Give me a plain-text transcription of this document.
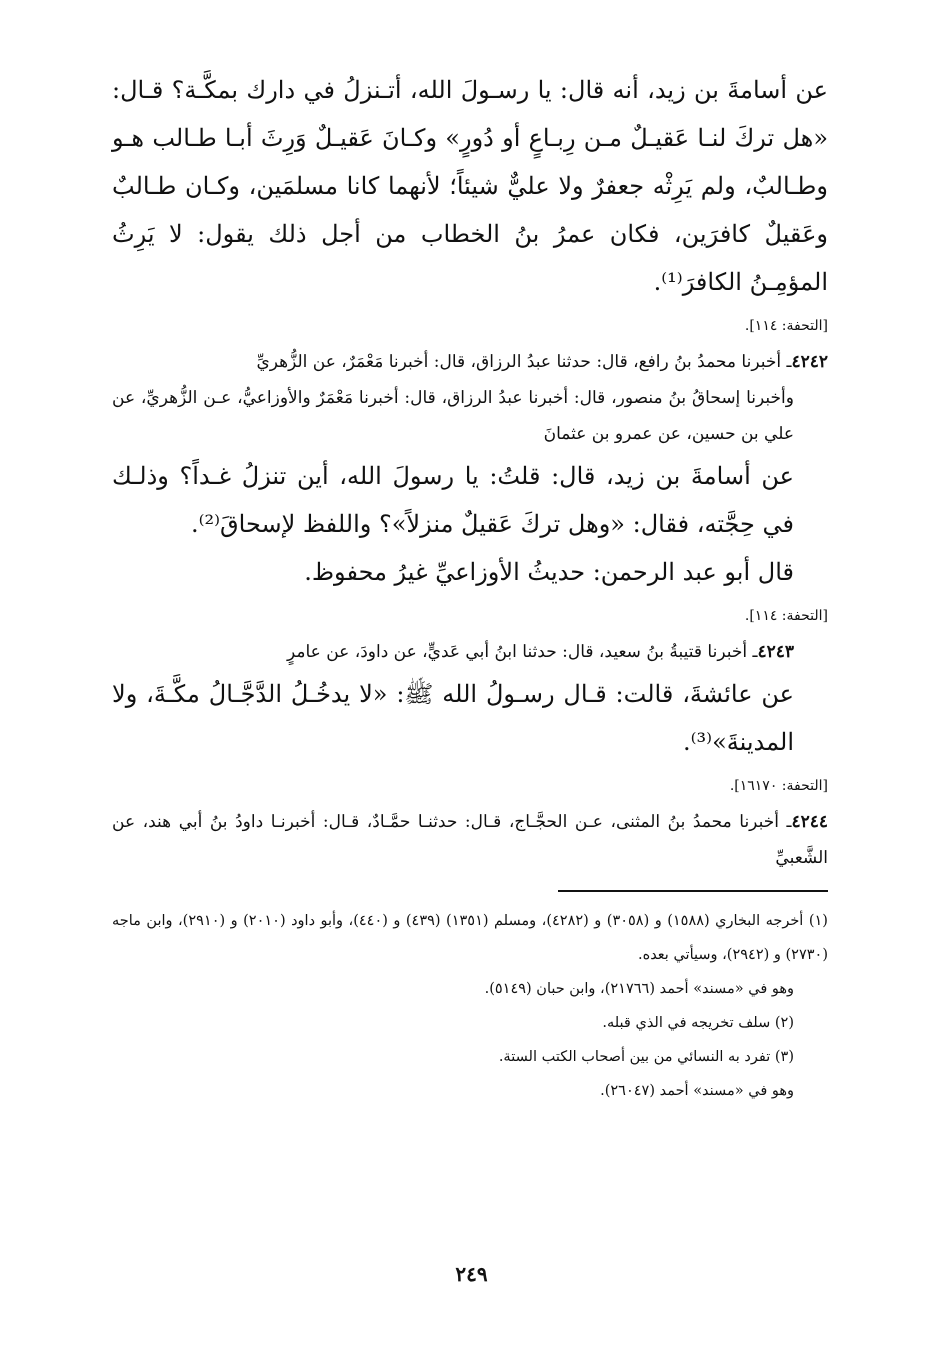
عن أسامةَ بن زيد، أنه قال: يا رسـولَ الله، أتـنزلُ في دارك بمكَّـة؟ قـال: «هل تركَ لنـا عَقيـلٌ مـن رِبـاعٍ أو دُورٍ» وكـانَ عَقيـلٌ وَرِثَ أبـا طـالب هـو وطـالبٌ، ولم يَرِثْه جعفرٌ ولا عليٌّ شيئاً؛ لأنهما كانا مسلمَين، وكـان طـالبٌ وعَقيلٌ كافرَين، فكان عمرُ بنُ الخطاب من أجل ذلك يقول: لا يَرِثُ المؤمِـنُ الكافرَ⁽¹⁾.

[التحفة: ١١٤].

٤٢٤٢ـ أخبرنا محمدُ بنُ رافع، قال: حدثنا عبدُ الرزاق، قال: أخبرنا مَعْمَرٌ، عن الزُّهريِّ

وأخبرنا إسحاقُ بنُ منصور، قال: أخبرنا عبدُ الرزاق، قال: أخبرنا مَعْمَرٌ والأوزاعيُّ، عـن الزُّهريِّ، عن علي بن حسين، عن عمرو بن عثمانَ

عن أسامةَ بن زيد، قال: قلتُ: يا رسولَ الله، أين تنزلُ غـداً؟ وذلـك في حِجَّته، فقال: «وهل تركَ عَقيلٌ منزلاً»؟ واللفظ لإسحاقَ⁽²⁾.

قال أبو عبد الرحمن: حديثُ الأوزاعيِّ غيرُ محفوظ.

[التحفة: ١١٤].

٤٢٤٣ـ أخبرنا قتيبةُ بنُ سعيد، قال: حدثنا ابنُ أبي عَديٍّ، عن داودَ، عن عامرٍ

عن عائشةَ، قالت: قـال رسـولُ الله ﷺ: «لا يدخُـلُ الدَّجَّـالُ مكَّـةَ، ولا المدينةَ»⁽³⁾.

[التحفة: ١٦١٧٠].

٤٢٤٤ـ أخبرنا محمدُ بنُ المثنى، عـن الحجَّـاج، قـال: حدثنـا حمَّـادٌ، قـال: أخبرنـا داودُ بنُ أبي هند، عن الشَّعبيِّ

(١) أخرجه البخاري (١٥٨٨) و (٣٠٥٨) و (٤٢٨٢)، ومسلم (١٣٥١) (٤٣٩) و (٤٤٠)، وأبو داود (٢٠١٠) و (٢٩١٠)، وابن ماجه (٢٧٣٠) و (٢٩٤٢)، وسيأتي بعده.

وهو في «مسند» أحمد (٢١٧٦٦)، وابن حبان (٥١٤٩).

(٢) سلف تخريجه في الذي قبله.

(٣) تفرد به النسائي من بين أصحاب الكتب الستة.

وهو في «مسند» أحمد (٢٦٠٤٧).

٢٤٩
